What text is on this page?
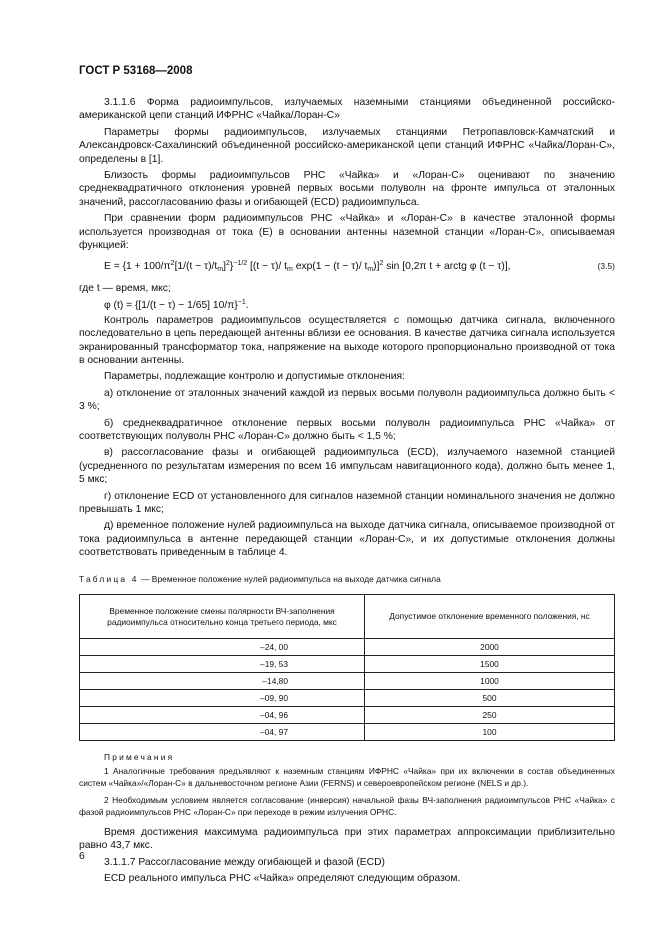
ГОСТ Р 53168—2008

3.1.1.6 Форма радиоимпульсов, излучаемых наземными станциями объединенной российско-американской цепи станций ИФРНС «Чайка/Лоран-С»

Параметры формы радиоимпульсов, излучаемых станциями Петропавловск-Камчатский и Александровск-Сахалинский объединенной российско-американской цепи станций ИФРНС «Чайка/Лоран-С», определены в [1].

Близость формы радиоимпульсов РНС «Чайка» и «Лоран-С» оценивают по значению среднеквадратичного отклонения уровней первых восьми полуволн на фронте импульса от эталонных значений, рассогласованию фазы и огибающей (ECD) радиоимпульса.

При сравнении форм радиоимпульсов РНС «Чайка» и «Лоран-С» в качестве эталонной формы используется производная от тока (E) в основании антенны наземной станции «Лоран-С», описываемая функцией:

$E = \{1 + 100/\pi^2[1/(t - \tau)/t_m]^2\}^{-1/2}$ [(t − τ)/ $t_m$ exp(1 − (t − τ)/ $t_m)]^2$ sin [0,2π t + arctg φ (t − τ)],	(3.5)
где t — время, мкс;
φ (t) = {[1/(t − τ) − 1/65] 10/π}$^{-1}$.

Контроль параметров радиоимпульсов осуществляется с помощью датчика сигнала, включенного последовательно в цепь передающей антенны вблизи ее основания. В качестве датчика сигнала используется экранированный трансформатор тока, напряжение на выходе которого пропорционально производной от тока в основании антенны.

Параметры, подлежащие контролю и допустимые отклонения:

а) отклонение от эталонных значений каждой из первых восьми полуволн радиоимпульса должно быть < 3 %;

б) среднеквадратичное отклонение первых восьми полуволн радиоимпульса РНС «Чайка» от соответствующих полуволн РНС «Лоран-С» должно быть < 1,5 %;

в) рассогласование фазы и огибающей радиоимпульса (ECD), излучаемого наземной станцией (усредненного по результатам измерения по всем 16 импульсам навигационного кода), должно быть менее 1, 5 мкс;

г) отклонение ECD от установленного для сигналов наземной станции номинального значения не должно превышать 1 мкс;

д) временное положение нулей радиоимпульса на выходе датчика сигнала, описываемое производной от тока радиоимпульса в антенне передающей станции «Лоран-С», и их допустимые отклонения должны соответствовать приведенным в таблице 4.

Таблица 4 — Временное положение нулей радиоимпульса на выходе датчика сигнала
Временное положение смены полярности ВЧ-заполнения радиоимпульса относительно конца третьего периода, мкс	Допустимое отклонение временного положения, нс
–24, 00	2000
–19, 53	1500
–14,80	1000
–09, 90	500
–04, 96	250
–04, 97	100
Примечания

1 Аналогичные требования предъявляют к наземным станциям ИФРНС «Чайка» при их включении в состав объединенных систем «Чайка»/«Лоран-С» в дальневосточном регионе Азии (FERNS) и североевропейском регионе (NELS и др.).

2 Необходимым условием является согласование (инверсия) начальной фазы ВЧ-заполнения радиоимпульсов РНС «Чайка» с фазой радиоимпульсов РНС «Лоран-С» при переходе в режим излучения ОРНС.

Время достижения максимума радиоимпульса при этих параметрах аппроксимации приблизительно равно 43,7 мкс.

3.1.1.7 Рассогласование между огибающей и фазой (ECD)

ECD реального импульса РНС «Чайка» определяют следующим образом.

6
